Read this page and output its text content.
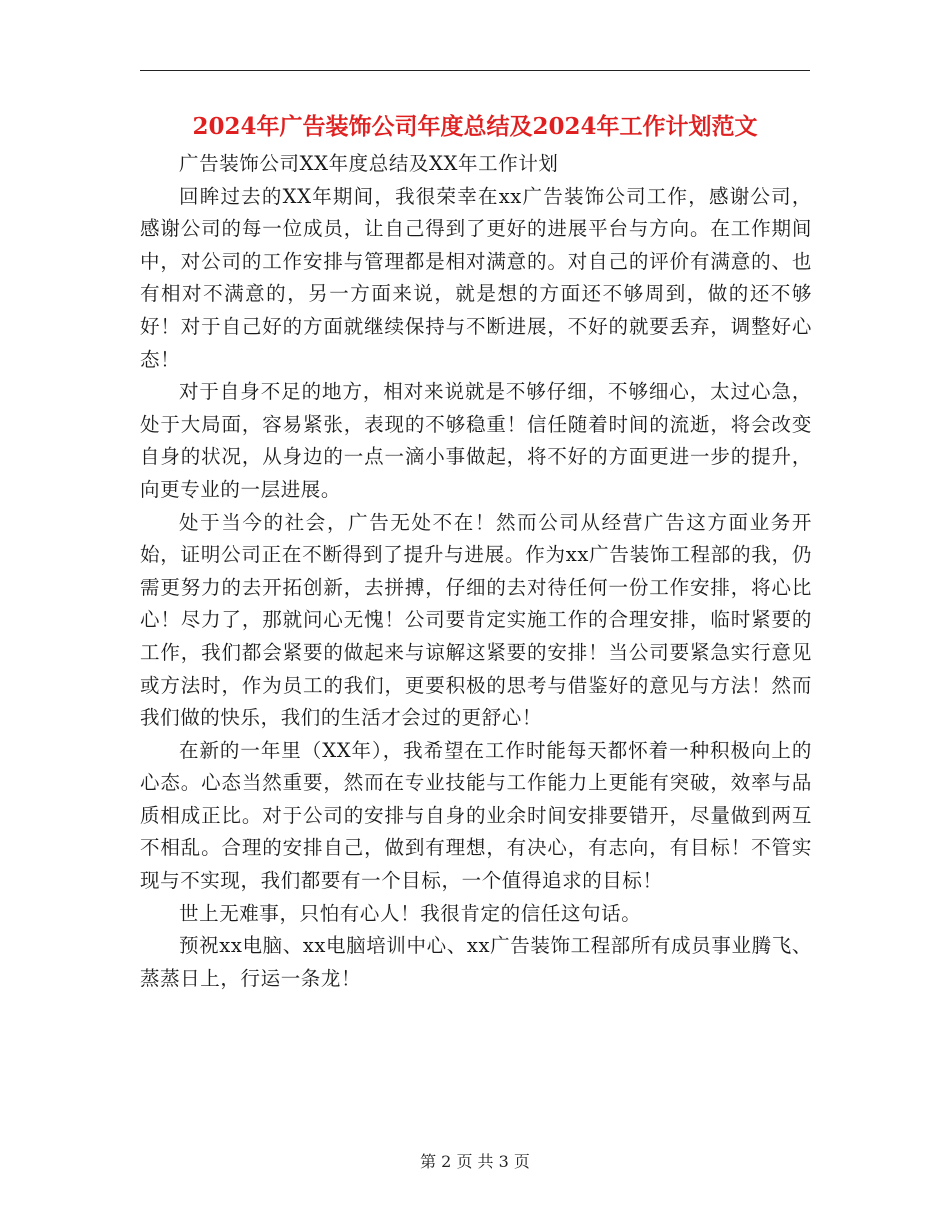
2024年广告装饰公司年度总结及2024年工作计划范文

广告装饰公司XX年度总结及XX年工作计划

回眸过去的XX年期间，我很荣幸在xx广告装饰公司工作，感谢公司，感谢公司的每一位成员，让自己得到了更好的进展平台与方向。在工作期间中，对公司的工作安排与管理都是相对满意的。对自己的评价有满意的、也有相对不满意的，另一方面来说，就是想的方面还不够周到，做的还不够好！对于自己好的方面就继续保持与不断进展，不好的就要丢弃，调整好心态！

对于自身不足的地方，相对来说就是不够仔细，不够细心，太过心急，处于大局面，容易紧张，表现的不够稳重！信任随着时间的流逝，将会改变自身的状况，从身边的一点一滴小事做起，将不好的方面更进一步的提升，向更专业的一层进展。

处于当今的社会，广告无处不在！然而公司从经营广告这方面业务开始，证明公司正在不断得到了提升与进展。作为xx广告装饰工程部的我，仍需更努力的去开拓创新，去拼搏，仔细的去对待任何一份工作安排，将心比心！尽力了，那就问心无愧！公司要肯定实施工作的合理安排，临时紧要的工作，我们都会紧要的做起来与谅解这紧要的安排！当公司要紧急实行意见或方法时，作为员工的我们，更要积极的思考与借鉴好的意见与方法！然而我们做的快乐，我们的生活才会过的更舒心！

在新的一年里（XX年），我希望在工作时能每天都怀着一种积极向上的心态。心态当然重要，然而在专业技能与工作能力上更能有突破，效率与品质相成正比。对于公司的安排与自身的业余时间安排要错开，尽量做到两互不相乱。合理的安排自己，做到有理想，有决心，有志向，有目标！不管实现与不实现，我们都要有一个目标，一个值得追求的目标！

世上无难事，只怕有心人！我很肯定的信任这句话。

预祝xx电脑、xx电脑培训中心、xx广告装饰工程部所有成员事业腾飞、蒸蒸日上，行运一条龙！

第 2 页 共 3 页
